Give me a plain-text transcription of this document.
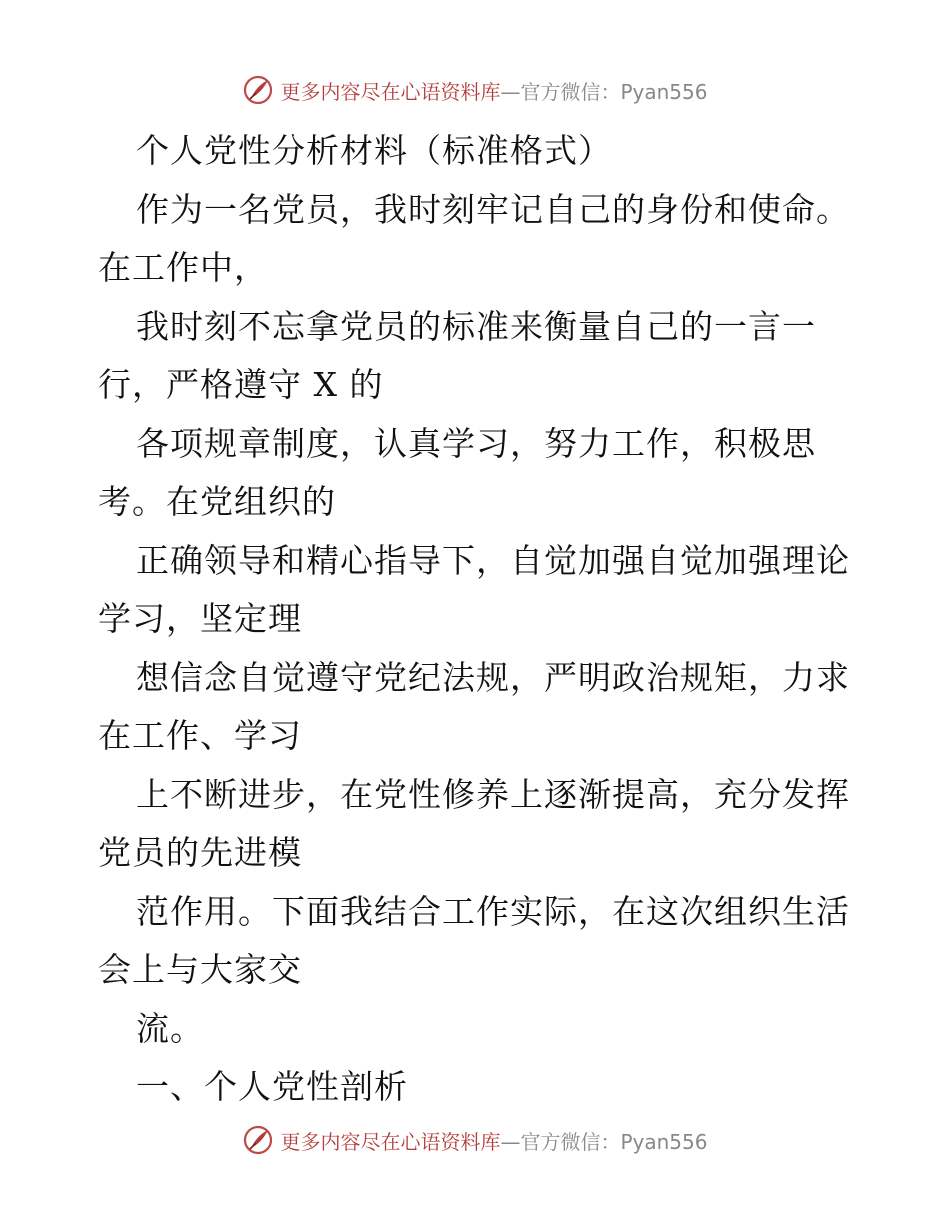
更多内容尽在心语资料库—官方微信：Pyan556
个人党性分析材料（标准格式）
作为一名党员，我时刻牢记自己的身份和使命。
在工作中，
我时刻不忘拿党员的标准来衡量自己的一言一
行，严格遵守 X 的
各项规章制度，认真学习，努力工作，积极思
考。在党组织的
正确领导和精心指导下，自觉加强自觉加强理论
学习，坚定理
想信念自觉遵守党纪法规，严明政治规矩，力求
在工作、学习
上不断进步，在党性修养上逐渐提高，充分发挥
党员的先进模
范作用。下面我结合工作实际，在这次组织生活
会上与大家交
流。
一、个人党性剖析
更多内容尽在心语资料库—官方微信：Pyan556
